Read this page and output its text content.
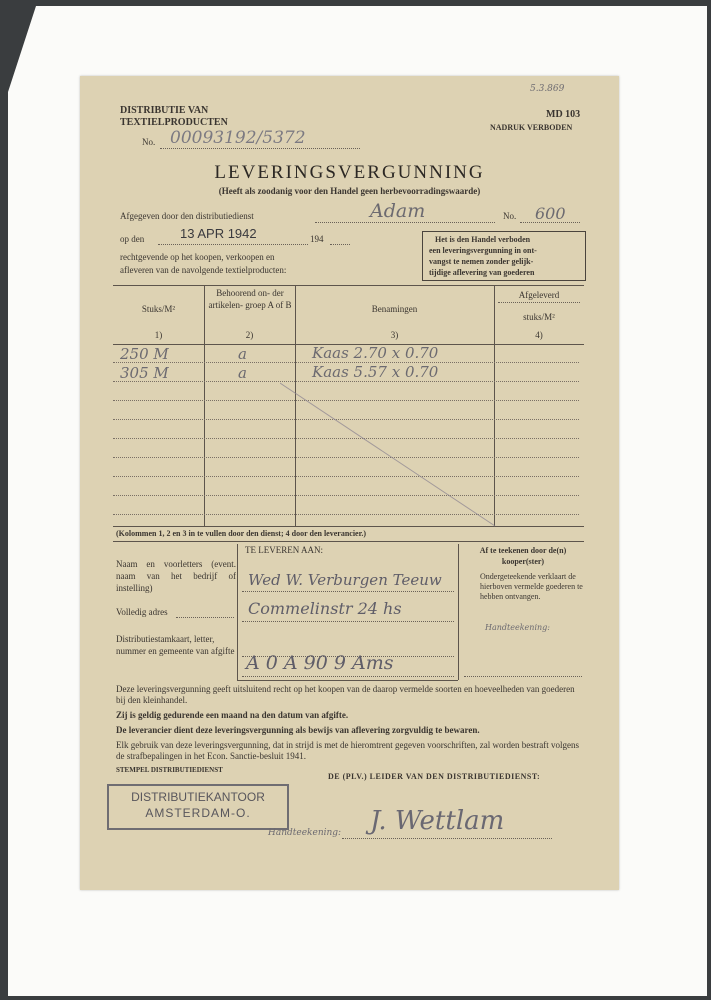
5.3.869
DISTRIBUTIE VAN
TEXTIELPRODUCTEN
MD 103
NADRUK VERBODEN
No. 00093192/5372
LEVERINGSVERGUNNING
(Heeft als zoodanig voor den Handel geen herbevoorradingswaarde)
Afgegeven door den distributiedienst	Adam	No. 600
op den	13 APR 1942	194
rechtgevende op het koopen, verkoopen en
afleveren van de navolgende textielproducten:
Het is den Handel verboden
een leveringsvergunning in ont-
vangst te nemen zonder gelijk-
tijdige aflevering van goederen
Stuks/M²
1)
Behoorend on- der artikelen- groep A of B
2)
Benamingen
3)
Afgeleverd
stuks/M²
4)
250 M	a	Kaas 2.70 x 0.70
305 M	a	Kaas 5.57 x 0.70
(Kolommen 1, 2 en 3 in te vullen door den dienst; 4 door den leverancier.)
TE LEVEREN AAN:
Naam en voorletters (event. naam van het bedrijf of instelling)	Wed W. Verburgen Teeuw
Volledig adres	Commelinstr 24 hs
Distributiestamkaart, letter, nummer en gemeente van afgifte
A 0 A 90 9 Ams
Af te teekenen door de(n) kooper(ster)
Ondergeteekende verklaart de hierboven vermelde goederen te hebben ontvangen.
Handteekening:
Deze leveringsvergunning geeft uitsluitend recht op het koopen van de daarop vermelde soorten en hoeveelheden van goederen bij den kleinhandel.
Zij is geldig gedurende een maand na den datum van afgifte.
De leverancier dient deze leveringsvergunning als bewijs van aflevering zorgvuldig te bewaren.
Elk gebruik van deze leveringsvergunning, dat in strijd is met de hieromtrent gegeven voorschriften, zal worden bestraft volgens de strafbepalingen in het Econ. Sanctie-besluit 1941.
STEMPEL DISTRIBUTIEDIENST
DE (PLV.) LEIDER VAN DEN DISTRIBUTIEDIENST:
DISTRIBUTIEKANTOOR
AMSTERDAM-O.
Handteekening: J. Wettlam
